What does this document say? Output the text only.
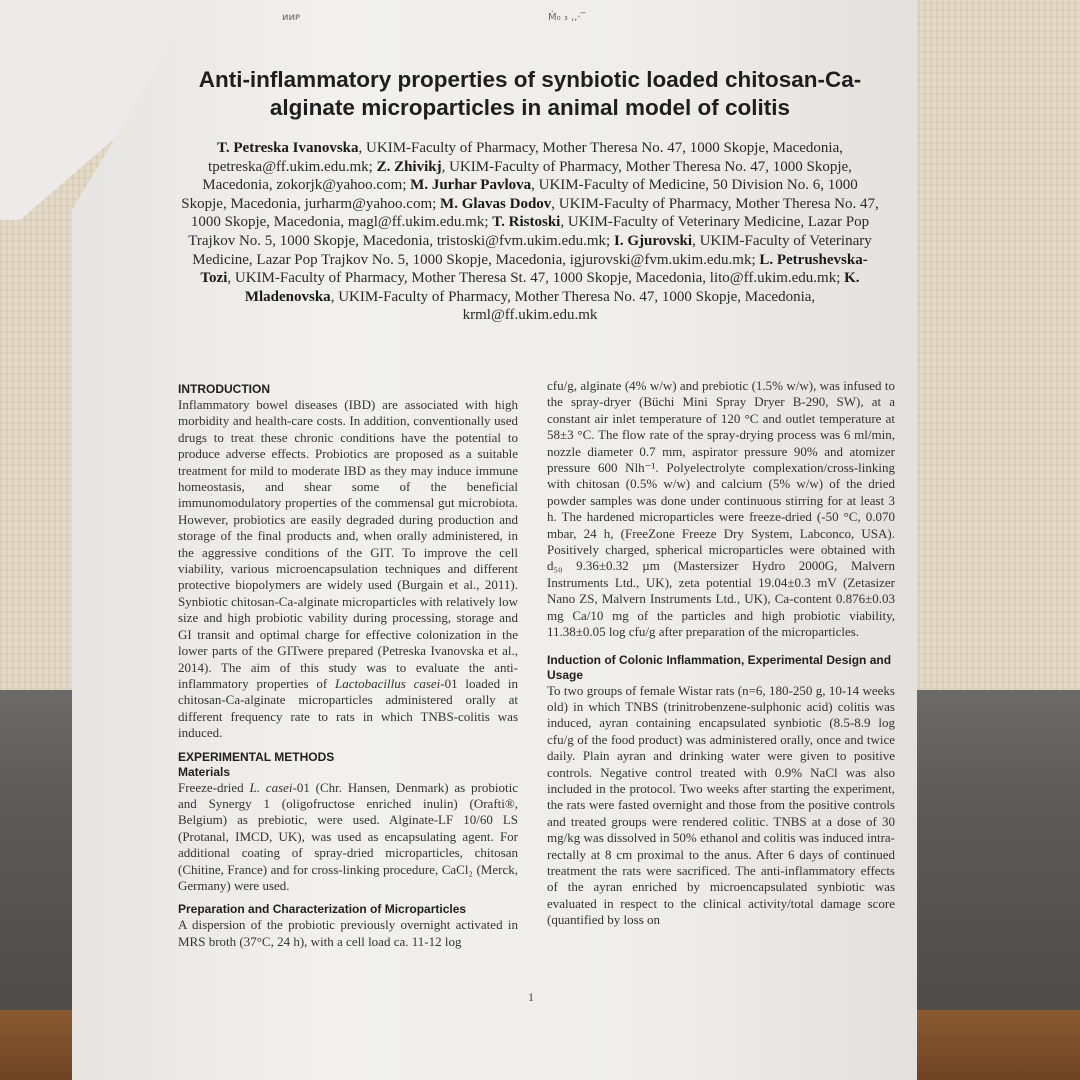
ᴎᴎᴘ	Ṁ₀ ₃ ,,·‾
Anti-inflammatory properties of synbiotic loaded chitosan-Ca-alginate microparticles in animal model of colitis
T. Petreska Ivanovska, UKIM-Faculty of Pharmacy, Mother Theresa No. 47, 1000 Skopje, Macedonia, tpetreska@ff.ukim.edu.mk; Z. Zhivikj, UKIM-Faculty of Pharmacy, Mother Theresa No. 47, 1000 Skopje, Macedonia, zokorjk@yahoo.com; M. Jurhar Pavlova, UKIM-Faculty of Medicine, 50 Division No. 6, 1000 Skopje, Macedonia, jurharm@yahoo.com; M. Glavas Dodov, UKIM-Faculty of Pharmacy, Mother Theresa No. 47, 1000 Skopje, Macedonia, magl@ff.ukim.edu.mk; T. Ristoski, UKIM-Faculty of Veterinary Medicine, Lazar Pop Trajkov No. 5, 1000 Skopje, Macedonia, tristoski@fvm.ukim.edu.mk; I. Gjurovski, UKIM-Faculty of Veterinary Medicine, Lazar Pop Trajkov No. 5, 1000 Skopje, Macedonia, igjurovski@fvm.ukim.edu.mk; L. Petrushevska-Tozi, UKIM-Faculty of Pharmacy, Mother Theresa St. 47, 1000 Skopje, Macedonia, lito@ff.ukim.edu.mk; K. Mladenovska, UKIM-Faculty of Pharmacy, Mother Theresa No. 47, 1000 Skopje, Macedonia, krml@ff.ukim.edu.mk
INTRODUCTION

Inflammatory bowel diseases (IBD) are associated with high morbidity and health-care costs. In addition, conventionally used drugs to treat these chronic conditions have the potential to produce adverse effects. Probiotics are proposed as a suitable treatment for mild to moderate IBD as they may induce immune homeostasis, and shear some of the beneficial immunomodulatory properties of the commensal gut microbiota. However, probiotics are easily degraded during production and storage of the final products and, when orally administered, in the aggressive conditions of the GIT. To improve the cell viability, various microencapsulation techniques and different protective biopolymers are widely used (Burgain et al., 2011). Synbiotic chitosan-Ca-alginate microparticles with relatively low size and high probiotic vability during processing, storage and GI transit and optimal charge for effective colonization in the lower parts of the GITwere prepared (Petreska Ivanovska et al., 2014). The aim of this study was to evaluate the anti-inflammatory properties of Lactobacillus casei-01 loaded in chitosan-Ca-alginate microparticles administered orally at different frequency rate to rats in which TNBS-colitis was induced.

EXPERIMENTAL METHODS
Materials

Freeze-dried L. casei-01 (Chr. Hansen, Denmark) as probiotic and Synergy 1 (oligofructose enriched inulin) (Orafti®, Belgium) as prebiotic, were used. Alginate-LF 10/60 LS (Protanal, IMCD, UK), was used as encapsulating agent. For additional coating of spray-dried microparticles, chitosan (Chitine, France) and for cross-linking procedure, CaCl₂ (Merck, Germany) were used.

Preparation and Characterization of Microparticles

A dispersion of the probiotic previously overnight activated in MRS broth (37°C, 24 h), with a cell load ca. 11-12 log

cfu/g, alginate (4% w/w) and prebiotic (1.5% w/w), was infused to the spray-dryer (Büchi Mini Spray Dryer B-290, SW), at a constant air inlet temperature of 120 °C and outlet temperature at 58±3 °C. The flow rate of the spray-drying process was 6 ml/min, nozzle diameter 0.7 mm, aspirator pressure 90% and atomizer pressure 600 Nlh⁻¹. Polyelectrolyte complexation/cross-linking with chitosan (0.5% w/w) and calcium (5% w/w) of the dried powder samples was done under continuous stirring for at least 3 h. The hardened microparticles were freeze-dried (-50 °C, 0.070 mbar, 24 h, (FreeZone Freeze Dry System, Labconco, USA). Positively charged, spherical microparticles were obtained with d₅₀ 9.36±0.32 µm (Mastersizer Hydro 2000G, Malvern Instruments Ltd., UK), zeta potential 19.04±0.3 mV (Zetasizer Nano ZS, Malvern Instruments Ltd., UK), Ca-content 0.876±0.03 mg Ca/10 mg of the particles and high probiotic viability, 11.38±0.05 log cfu/g after preparation of the microparticles.

Induction of Colonic Inflammation, Experimental Design and Usage

To two groups of female Wistar rats (n=6, 180-250 g, 10-14 weeks old) in which TNBS (trinitrobenzene-sulphonic acid) colitis was induced, ayran containing encapsulated synbiotic (8.5-8.9 log cfu/g of the food product) was administered orally, once and twice daily. Plain ayran and drinking water were given to positive controls. Negative control treated with 0.9% NaCl was also included in the protocol. Two weeks after starting the experiment, the rats were fasted overnight and those from the positive controls and treated groups were rendered colitic. TNBS at a dose of 30 mg/kg was dissolved in 50% ethanol and colitis was induced intra-rectally at 8 cm proximal to the anus. After 6 days of continued treatment the rats were sacrificed. The anti-inflammatory effects of the ayran enriched by microencapsulated synbiotic was evaluated in respect to the clinical activity/total damage score (quantified by loss on

1
